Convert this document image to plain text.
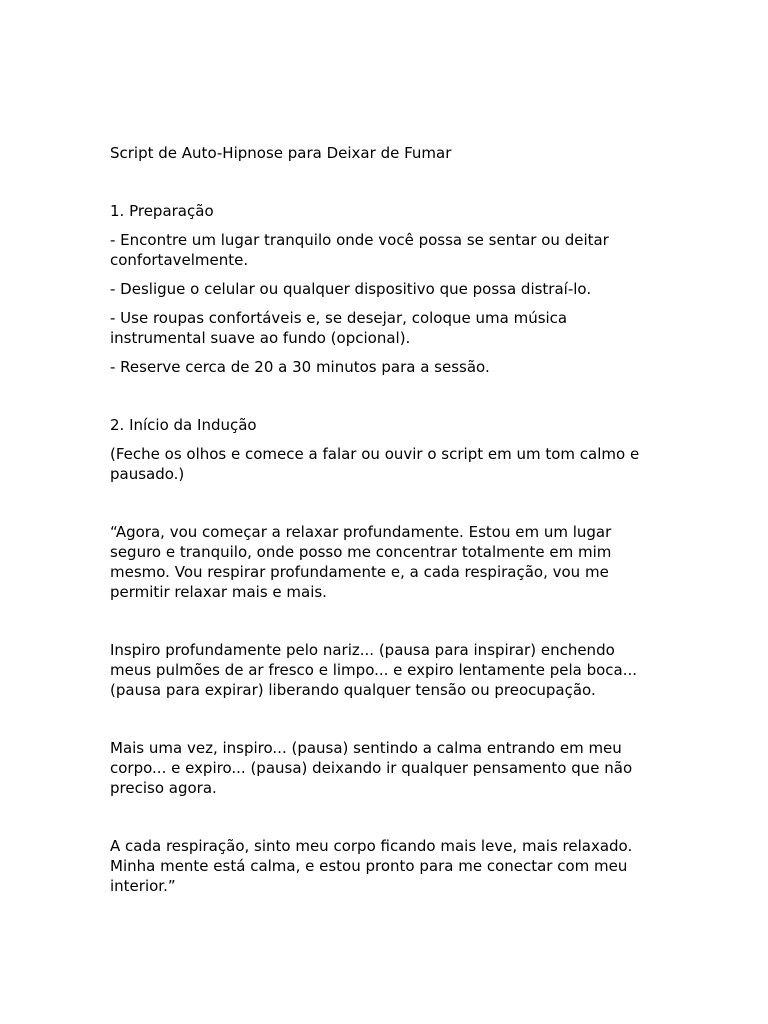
Script de Auto-Hipnose para Deixar de Fumar

1. Preparação

- Encontre um lugar tranquilo onde você possa se sentar ou deitar
confortavelmente.

- Desligue o celular ou qualquer dispositivo que possa distraí-lo.

- Use roupas confortáveis e, se desejar, coloque uma música
instrumental suave ao fundo (opcional).

- Reserve cerca de 20 a 30 minutos para a sessão.

2. Início da Indução

(Feche os olhos e comece a falar ou ouvir o script em um tom calmo e
pausado.)

“Agora, vou começar a relaxar profundamente. Estou em um lugar
seguro e tranquilo, onde posso me concentrar totalmente em mim
mesmo. Vou respirar profundamente e, a cada respiração, vou me
permitir relaxar mais e mais.

Inspiro profundamente pelo nariz... (pausa para inspirar) enchendo
meus pulmões de ar fresco e limpo... e expiro lentamente pela boca...
(pausa para expirar) liberando qualquer tensão ou preocupação.

Mais uma vez, inspiro... (pausa) sentindo a calma entrando em meu
corpo... e expiro... (pausa) deixando ir qualquer pensamento que não
preciso agora.

A cada respiração, sinto meu corpo ficando mais leve, mais relaxado.
Minha mente está calma, e estou pronto para me conectar com meu
interior.”
